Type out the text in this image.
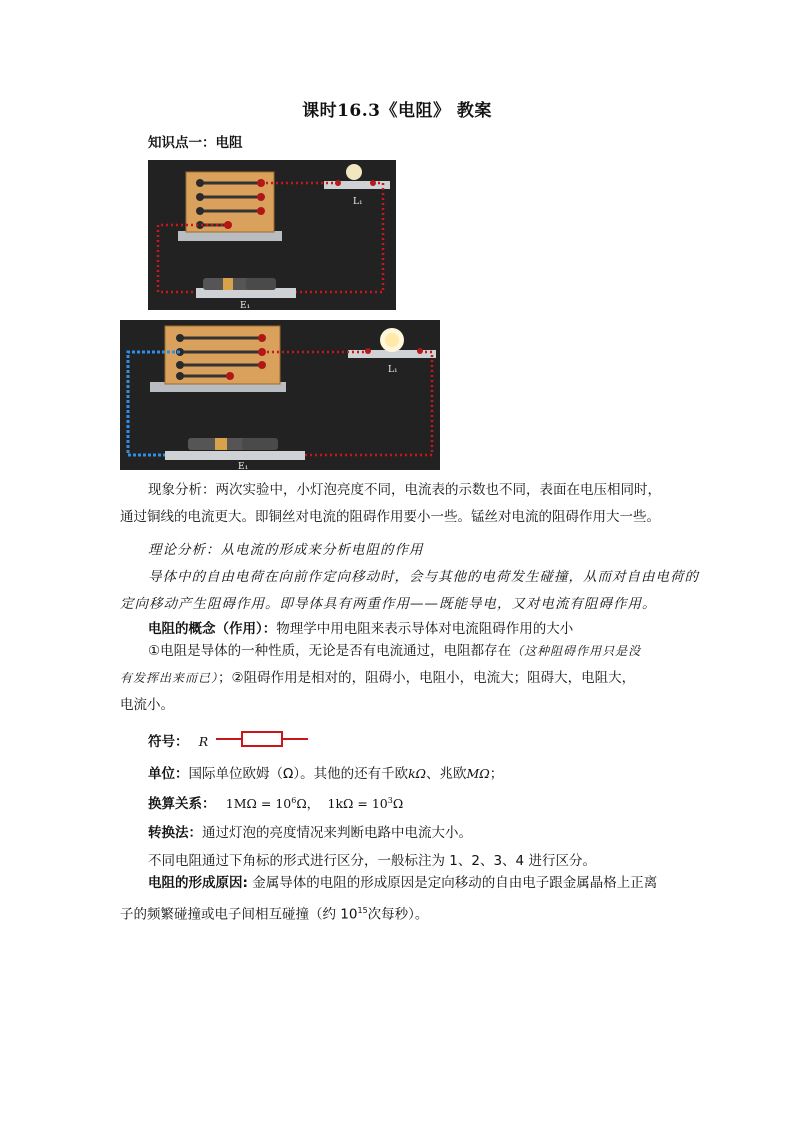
课时16.3《电阻》 教案
知识点一：电阻
E₁
L₁
E₁
L₁
现象分析：两次实验中，小灯泡亮度不同，电流表的示数也不同，表面在电压相同时，
通过铜线的电流更大。即铜丝对电流的阻碍作用要小一些。锰丝对电流的阻碍作用大一些。
理论分析：从电流的形成来分析电阻的作用
导体中的自由电荷在向前作定向移动时，会与其他的电荷发生碰撞，从而对自由电荷的
定向移动产生阻碍作用。即导体具有两重作用——既能导电，又对电流有阻碍作用。
电阻的概念（作用）：物理学中用电阻来表示导体对电流阻碍作用的大小
①电阻是导体的一种性质，无论是否有电流通过，电阻都存在（这种阻碍作用只是没
有发挥出来而已）；②阻碍作用是相对的，阻碍小，电阻小，电流大；阻碍大，电阻大，
电流小。
符号： R
单位：国际单位欧姆（Ω）。其他的还有千欧kΩ、兆欧MΩ；
换算关系： $1M\Omega = 10^6\Omega$， $1k\Omega = 10^3\Omega$
转换法：通过灯泡的亮度情况来判断电路中电流大小。
不同电阻通过下角标的形式进行区分，一般标注为 1、2、3、4 进行区分。
电阻的形成原因: 金属导体的电阻的形成原因是定向移动的自由电子跟金属晶格上正离
子的频繁碰撞或电子间相互碰撞（约 $10^{15}$次每秒）。
